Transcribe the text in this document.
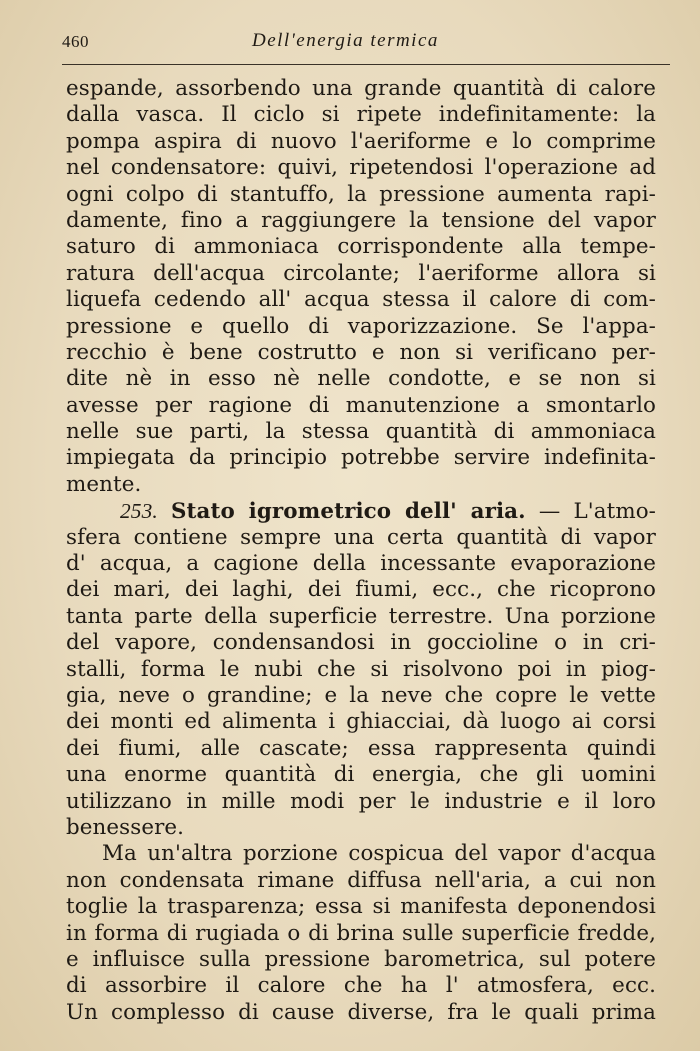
460	Dell'energia termica
espande, assorbendo una grande quantità di calore
dalla vasca. Il ciclo si ripete indefinitamente: la
pompa aspira di nuovo l'aeriforme e lo comprime
nel condensatore: quivi, ripetendosi l'operazione ad
ogni colpo di stantuffo, la pressione aumenta rapi-
damente, fino a raggiungere la tensione del vapor
saturo di ammoniaca corrispondente alla tempe-
ratura dell'acqua circolante; l'aeriforme allora si
liquefa cedendo all' acqua stessa il calore di com-
pressione e quello di vaporizzazione. Se l'appa-
recchio è bene costrutto e non si verificano per-
dite nè in esso nè nelle condotte, e se non si
avesse per ragione di manutenzione a smontarlo
nelle sue parti, la stessa quantità di ammoniaca
impiegata da principio potrebbe servire indefinita-
mente.
253. Stato igrometrico dell' aria. — L'atmo-
sfera contiene sempre una certa quantità di vapor
d' acqua, a cagione della incessante evaporazione
dei mari, dei laghi, dei fiumi, ecc., che ricoprono
tanta parte della superficie terrestre. Una porzione
del vapore, condensandosi in goccioline o in cri-
stalli, forma le nubi che si risolvono poi in piog-
gia, neve o grandine; e la neve che copre le vette
dei monti ed alimenta i ghiacciai, dà luogo ai corsi
dei fiumi, alle cascate; essa rappresenta quindi
una enorme quantità di energia, che gli uomini
utilizzano in mille modi per le industrie e il loro
benessere.
Ma un'altra porzione cospicua del vapor d'acqua
non condensata rimane diffusa nell'aria, a cui non
toglie la trasparenza; essa si manifesta deponendosi
in forma di rugiada o di brina sulle superficie fredde,
e influisce sulla pressione barometrica, sul potere
di assorbire il calore che ha l' atmosfera, ecc.
Un complesso di cause diverse, fra le quali prima
